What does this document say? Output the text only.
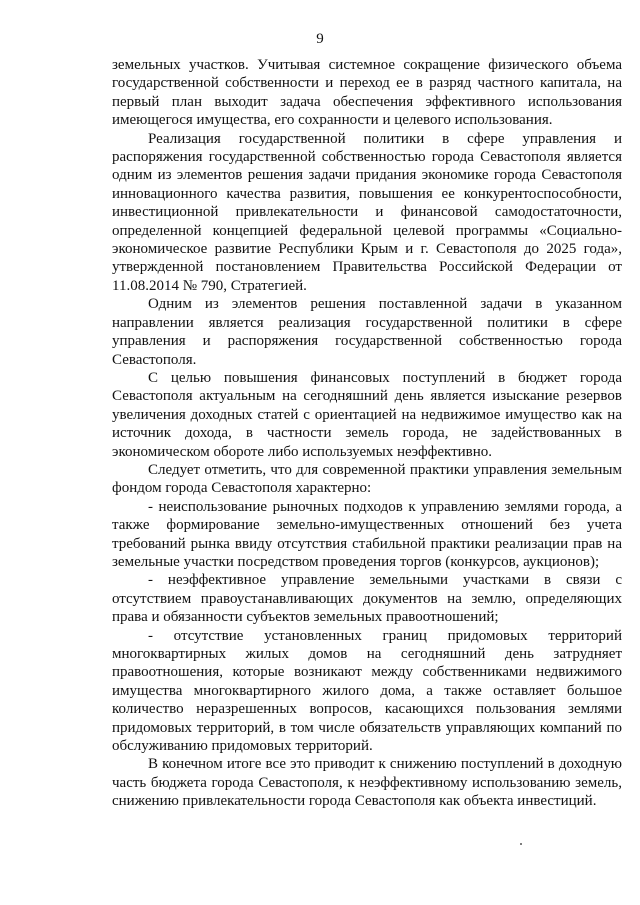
9

земельных участков. Учитывая системное сокращение физического объема государственной собственности и переход ее в разряд частного капитала, на первый план выходит задача обеспечения эффективного использования имеющегося имущества, его сохранности и целевого использования.

Реализация государственной политики в сфере управления и распоряжения государственной собственностью города Севастополя является одним из элементов решения задачи придания экономике города Севастополя инновационного качества развития, повышения ее конкурентоспособности, инвестиционной привлекательности и финансовой самодостаточности, определенной концепцией федеральной целевой программы «Социально-экономическое развитие Республики Крым и г. Севастополя до 2025 года», утвержденной постановлением Правительства Российской Федерации от 11.08.2014 № 790, Стратегией.

Одним из элементов решения поставленной задачи в указанном направлении является реализация государственной политики в сфере управления и распоряжения государственной собственностью города Севастополя.

С целью повышения финансовых поступлений в бюджет города Севастополя актуальным на сегодняшний день является изыскание резервов увеличения доходных статей с ориентацией на недвижимое имущество как на источник дохода, в частности земель города, не задействованных в экономическом обороте либо используемых неэффективно.

Следует отметить, что для современной практики управления земельным фондом города Севастополя характерно:

- неиспользование рыночных подходов к управлению землями города, а также формирование земельно-имущественных отношений без учета требований рынка ввиду отсутствия стабильной практики реализации прав на земельные участки посредством проведения торгов (конкурсов, аукционов);

- неэффективное управление земельными участками в связи с отсутствием правоустанавливающих документов на землю, определяющих права и обязанности субъектов земельных правоотношений;

- отсутствие установленных границ придомовых территорий многоквартирных жилых домов на сегодняшний день затрудняет правоотношения, которые возникают между собственниками недвижимого имущества многоквартирного жилого дома, а также оставляет большое количество неразрешенных вопросов, касающихся пользования землями придомовых территорий, в том числе обязательств управляющих компаний по обслуживанию придомовых территорий.

В конечном итоге все это приводит к снижению поступлений в доходную часть бюджета города Севастополя, к неэффективному использованию земель, снижению привлекательности города Севастополя как объекта инвестиций.
